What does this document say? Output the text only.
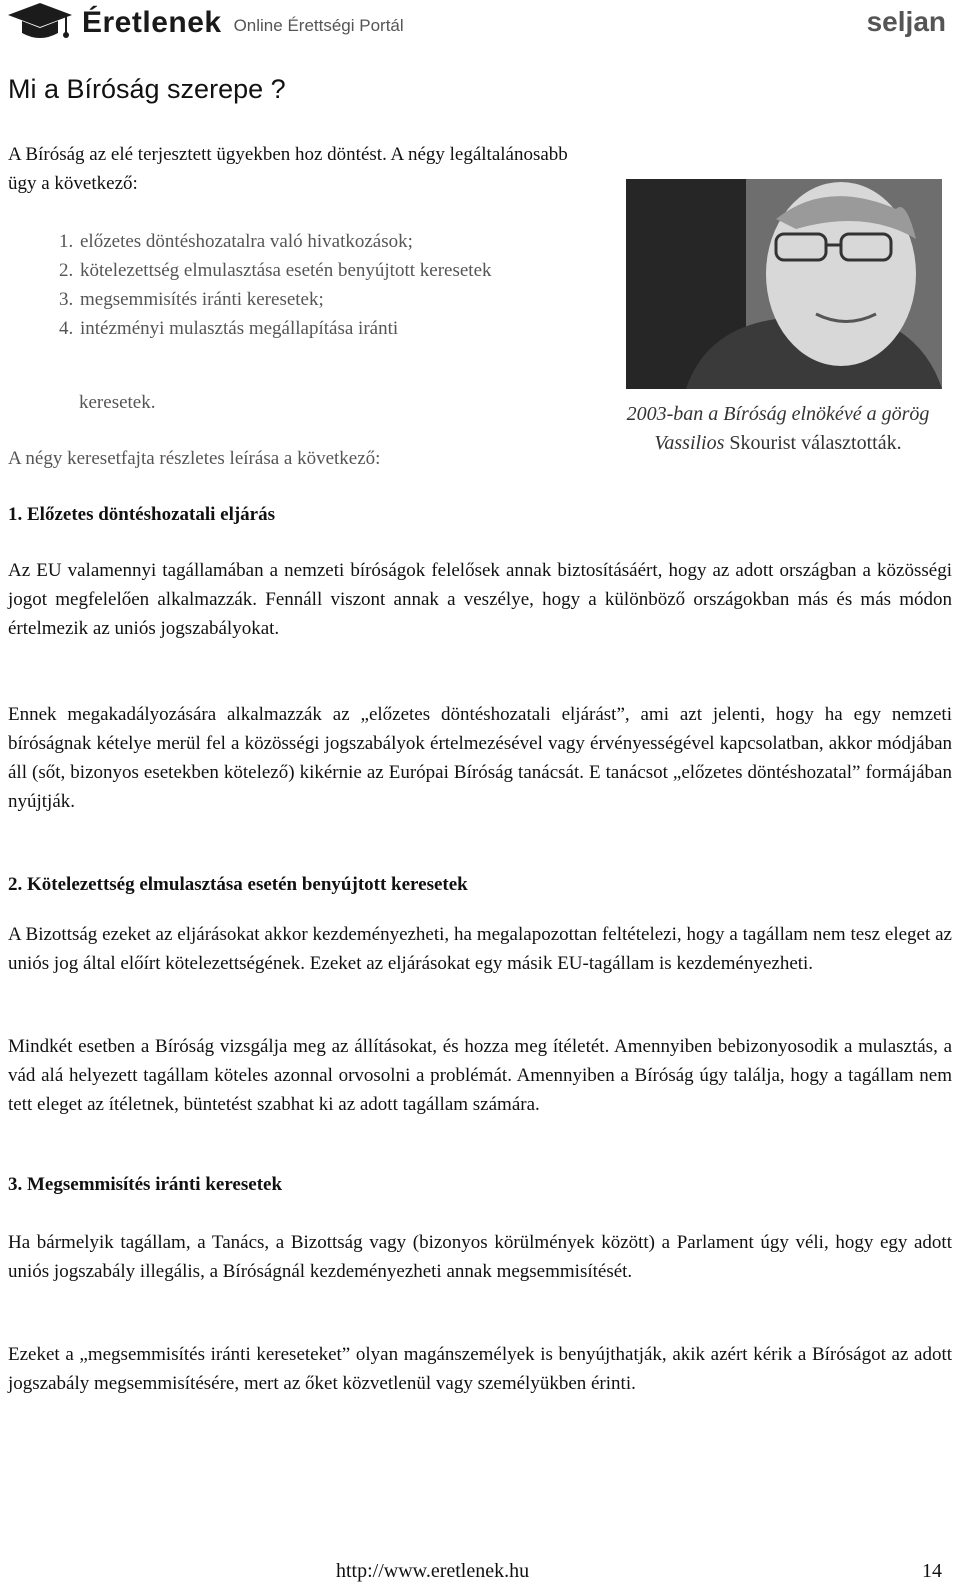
Éretlenek Online Érettségi Portál	seljan
Mi a Bíróság szerepe ?

A Bíróság az elé terjesztett ügyekben hoz döntést. A négy legáltalánosabb ügy a következő:

1. előzetes döntéshozatalra való hivatkozások;
2. kötelezettség elmulasztása esetén benyújtott keresetek
3. megsemmisítés iránti keresetek;
4. intézményi mulasztás megállapítása iránti

keresetek.

A négy keresetfajta részletes leírása a következő:

2003-ban a Bíróság elnökévé a görög Vassilios Skourist választották.

1. Előzetes döntéshozatali eljárás

Az EU valamennyi tagállamában a nemzeti bíróságok felelősek annak biztosításáért, hogy az adott országban a közösségi jogot megfelelően alkalmazzák. Fennáll viszont annak a veszélye, hogy a különböző országokban más és más módon értelmezik az uniós jogszabályokat.

Ennek megakadályozására alkalmazzák az „előzetes döntéshozatali eljárást”, ami azt jelenti, hogy ha egy nemzeti bíróságnak kételye merül fel a közösségi jogszabályok értelmezésével vagy érvényességével kapcsolatban, akkor módjában áll (sőt, bizonyos esetekben kötelező) kikérnie az Európai Bíróság tanácsát. E tanácsot „előzetes döntéshozatal” formájában nyújtják.

2. Kötelezettség elmulasztása esetén benyújtott keresetek

A Bizottság ezeket az eljárásokat akkor kezdeményezheti, ha megalapozottan feltételezi, hogy a tagállam nem tesz eleget az uniós jog által előírt kötelezettségének. Ezeket az eljárásokat egy másik EU-tagállam is kezdeményezheti.

Mindkét esetben a Bíróság vizsgálja meg az állításokat, és hozza meg ítéletét. Amennyiben bebizonyosodik a mulasztás, a vád alá helyezett tagállam köteles azonnal orvosolni a problémát. Amennyiben a Bíróság úgy találja, hogy a tagállam nem tett eleget az ítéletnek, büntetést szabhat ki az adott tagállam számára.

3. Megsemmisítés iránti keresetek

Ha bármelyik tagállam, a Tanács, a Bizottság vagy (bizonyos körülmények között) a Parlament úgy véli, hogy egy adott uniós jogszabály illegális, a Bíróságnál kezdeményezheti annak megsemmisítését.

Ezeket a „megsemmisítés iránti kereseteket” olyan magánszemélyek is benyújthatják, akik azért kérik a Bíróságot az adott jogszabály megsemmisítésére, mert az őket közvetlenül vagy személyükben érinti.

http://www.eretlenek.hu	14
